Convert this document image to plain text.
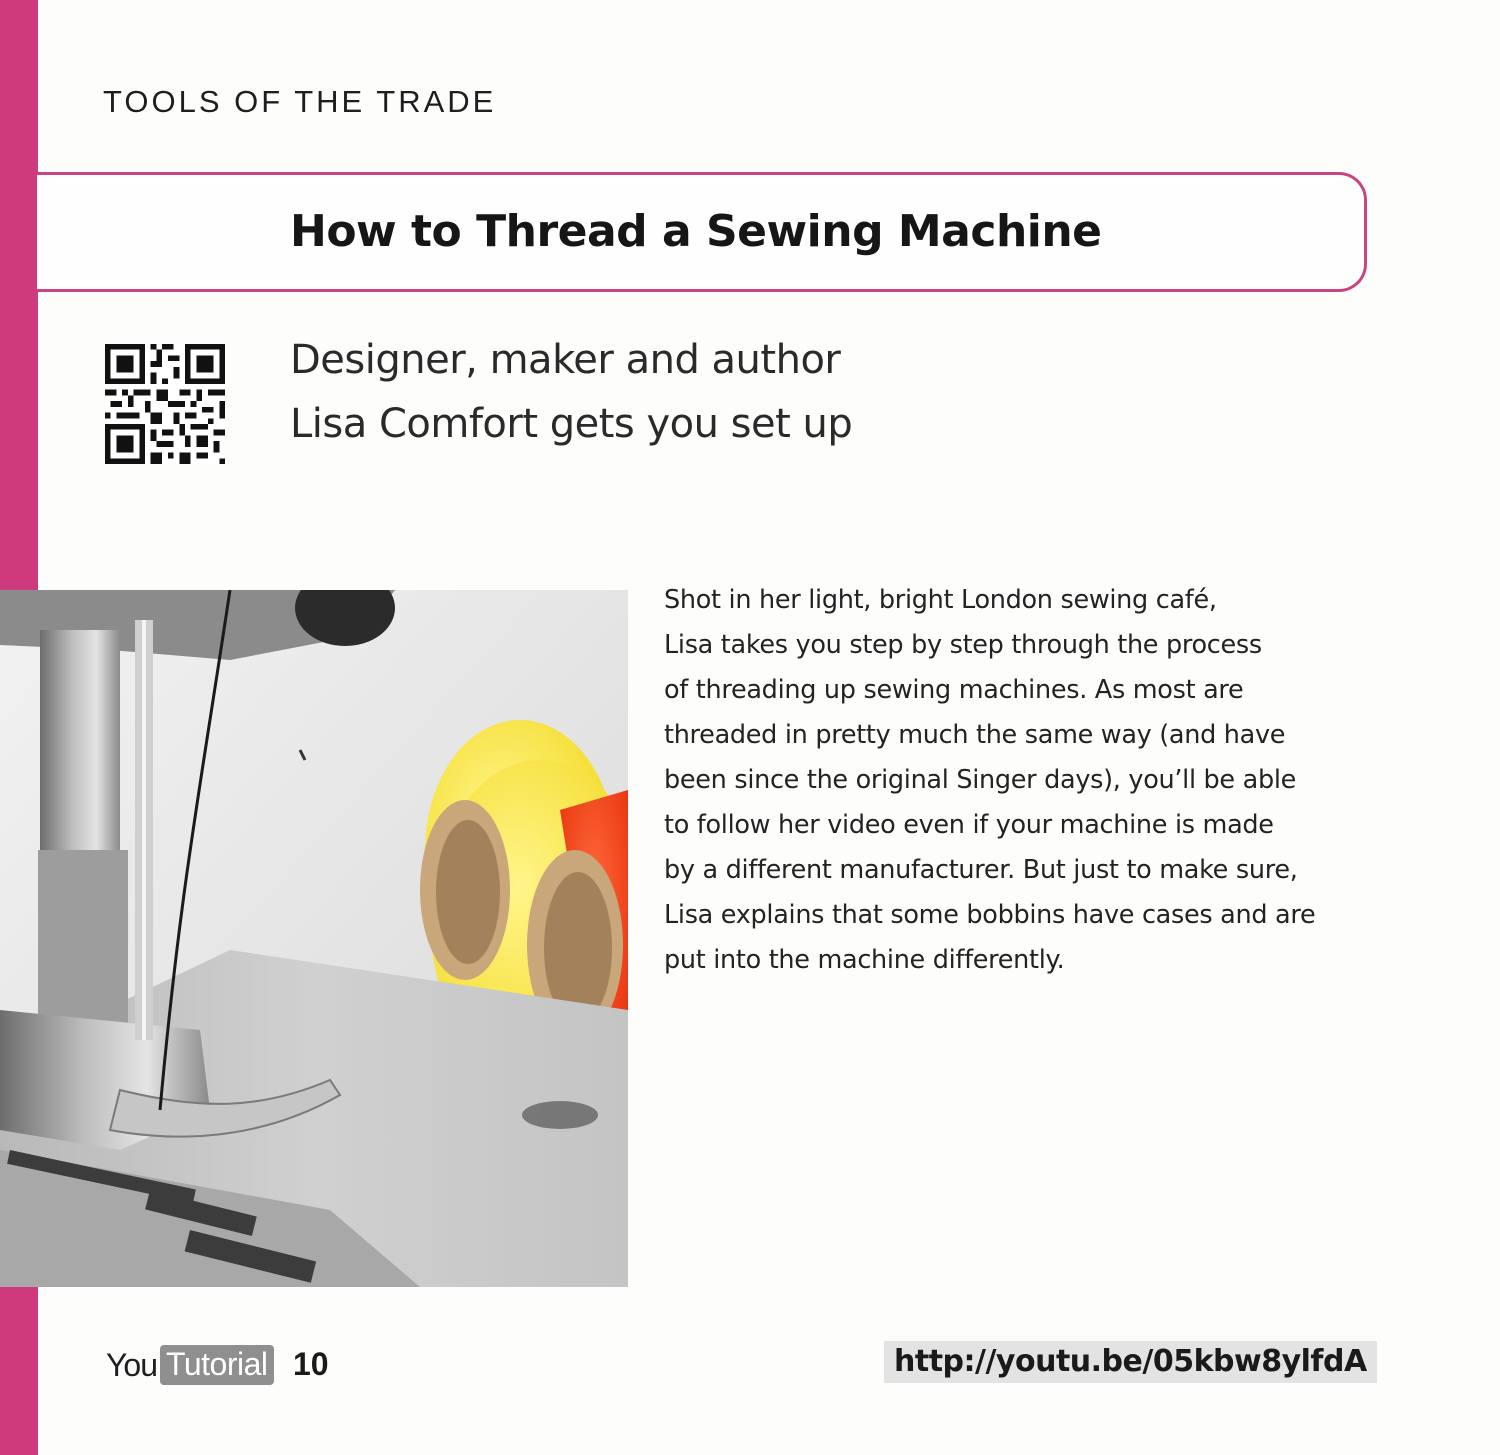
TOOLS OF THE TRADE
How to Thread a Sewing Machine
Designer, maker and author
Lisa Comfort gets you set up
Shot in her light, bright London sewing café,
Lisa takes you step by step through the process
of threading up sewing machines. As most are
threaded in pretty much the same way (and have
been since the original Singer days), you’ll be able
to follow her video even if your machine is made
by a different manufacturer. But just to make sure,
Lisa explains that some bobbins have cases and are
put into the machine differently.
You Tutorial 10	http://youtu.be/05kbw8ylfdA
